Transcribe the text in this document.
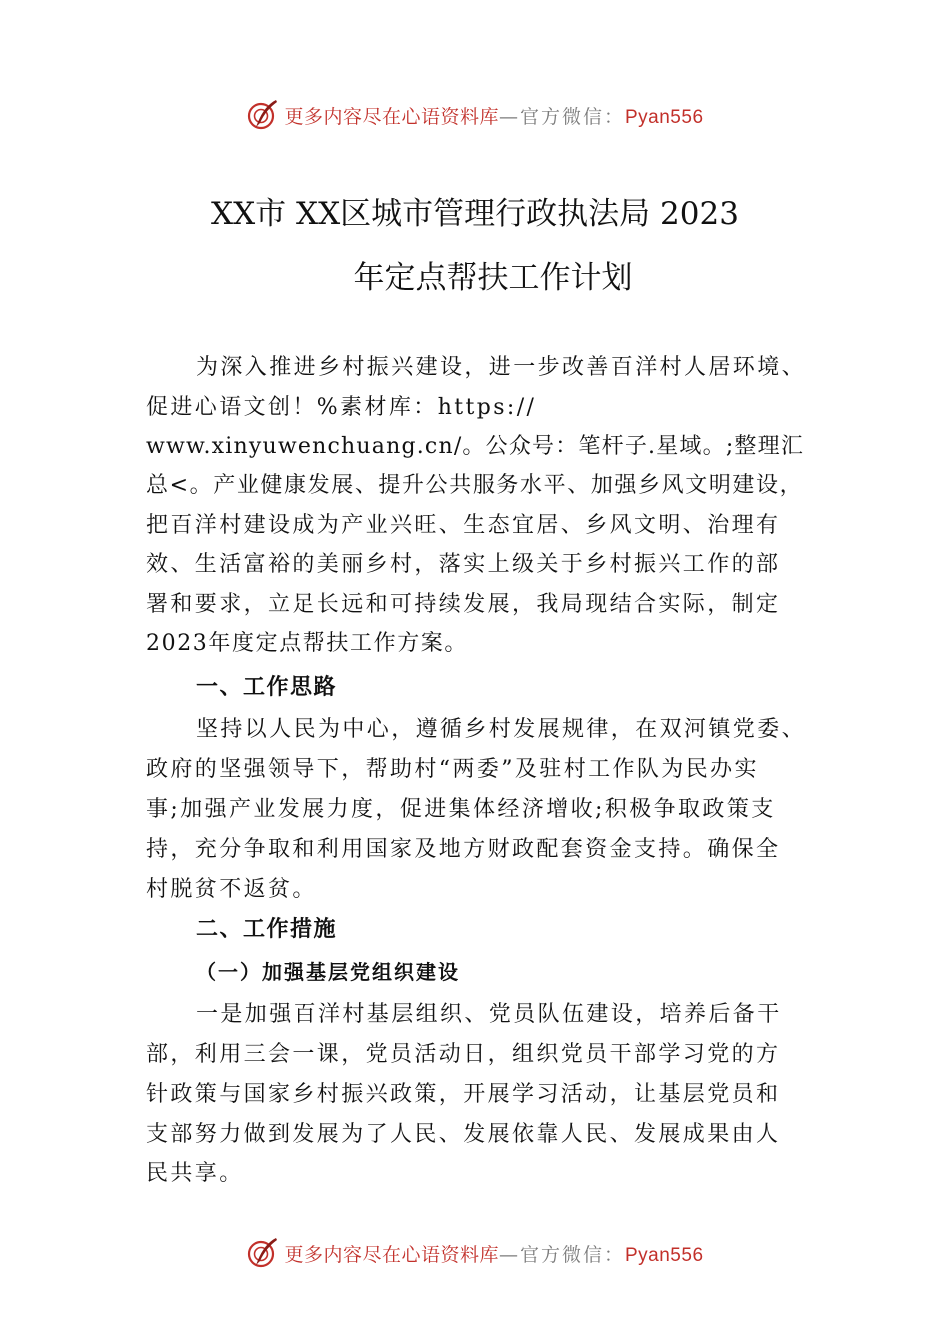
更多内容尽在心语资料库—官方微信：Pyan556
XX市 XX区城市管理行政执法局 2023
年定点帮扶工作计划
为深入推进乡村振兴建设，进一步改善百洋村人居环境、
促进心语文创！%素材库：https://
www.xinyuwenchuang.cn/。公众号：笔杆子.星域。;整理汇
总<。产业健康发展、提升公共服务水平、加强乡风文明建设，
把百洋村建设成为产业兴旺、生态宜居、乡风文明、治理有
效、生活富裕的美丽乡村，落实上级关于乡村振兴工作的部
署和要求，立足长远和可持续发展，我局现结合实际，制定
2023年度定点帮扶工作方案。
一、工作思路
坚持以人民为中心，遵循乡村发展规律，在双河镇党委、
政府的坚强领导下，帮助村“两委”及驻村工作队为民办实
事;加强产业发展力度，促进集体经济增收;积极争取政策支
持，充分争取和利用国家及地方财政配套资金支持。确保全
村脱贫不返贫。
二、工作措施
（一）加强基层党组织建设
一是加强百洋村基层组织、党员队伍建设，培养后备干
部，利用三会一课，党员活动日，组织党员干部学习党的方
针政策与国家乡村振兴政策，开展学习活动，让基层党员和
支部努力做到发展为了人民、发展依靠人民、发展成果由人
民共享。
更多内容尽在心语资料库—官方微信：Pyan556
